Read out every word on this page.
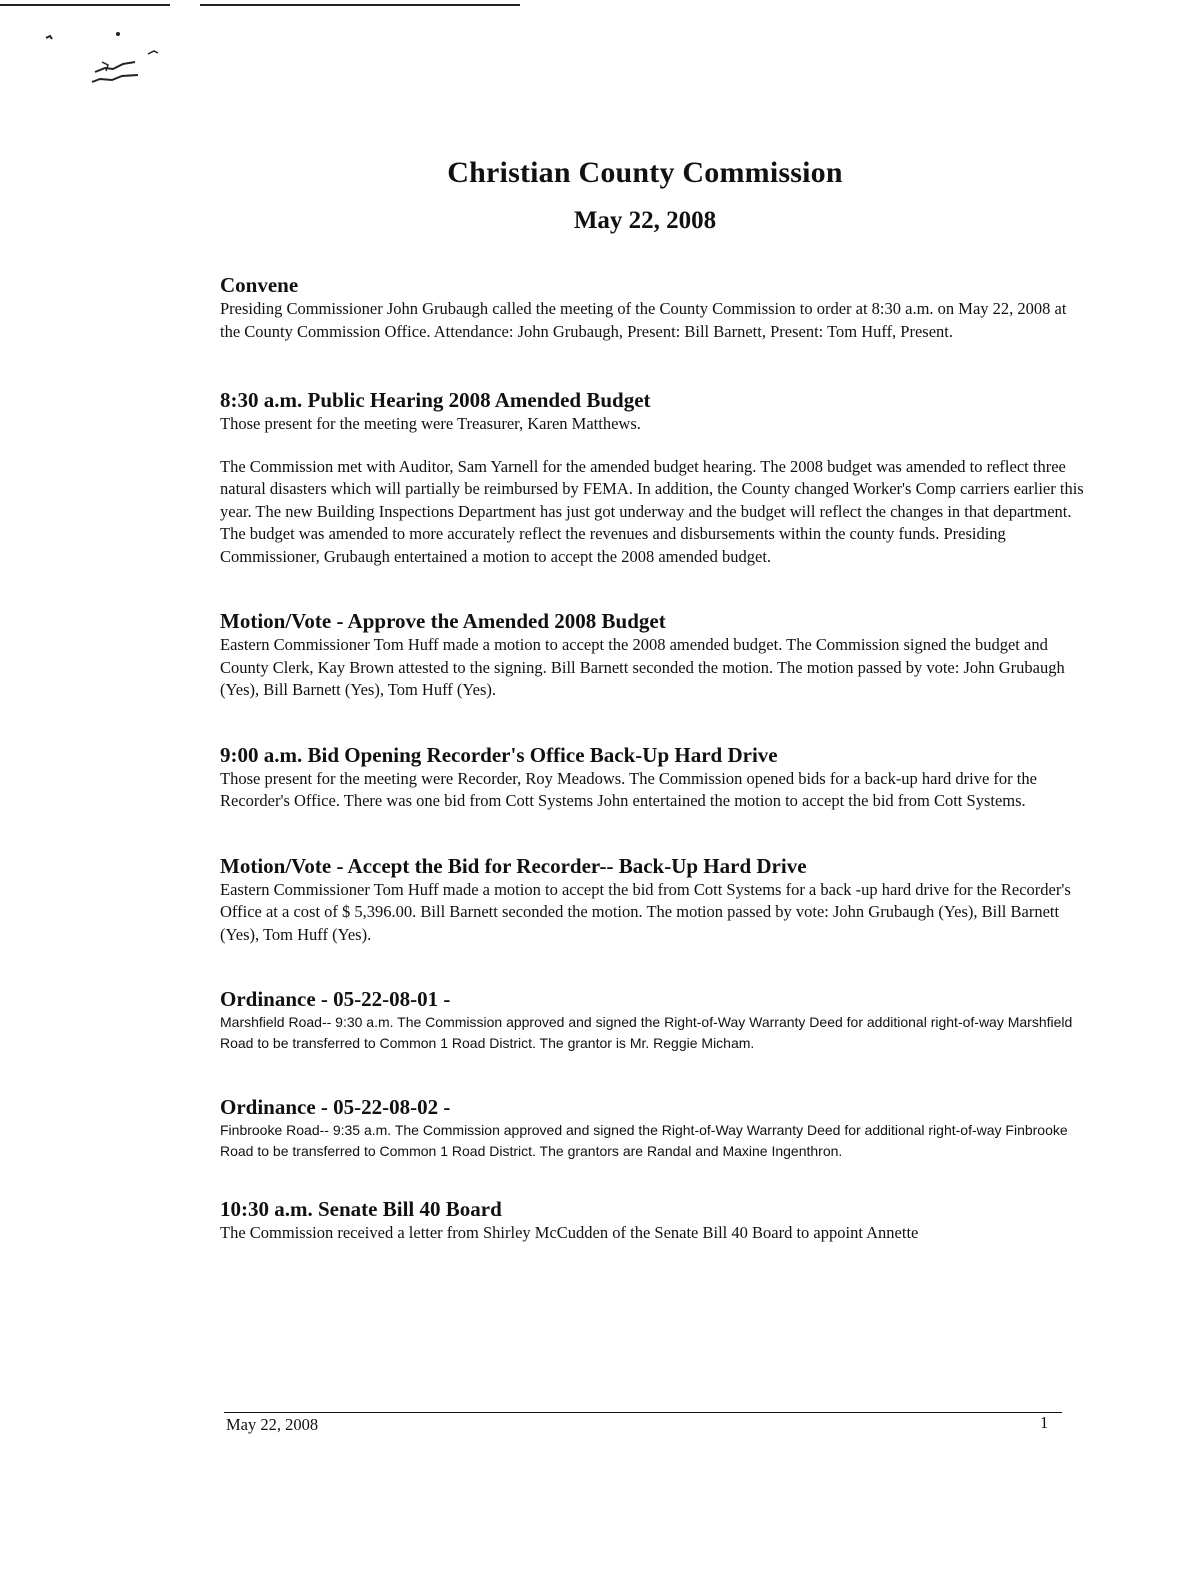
Christian County Commission
May 22, 2008
Convene
Presiding Commissioner John Grubaugh called the meeting of the County Commission to order at 8:30 a.m. on May 22, 2008 at the County Commission Office. Attendance: John Grubaugh, Present: Bill Barnett, Present: Tom Huff, Present.
8:30 a.m. Public Hearing 2008 Amended Budget
Those present for the meeting were Treasurer, Karen Matthews.
The Commission met with Auditor, Sam Yarnell for the amended budget hearing. The 2008 budget was amended to reflect three natural disasters which will partially be reimbursed by FEMA. In addition, the County changed Worker's Comp carriers earlier this year. The new Building Inspections Department has just got underway and the budget will reflect the changes in that department. The budget was amended to more accurately reflect the revenues and disbursements within the county funds. Presiding Commissioner, Grubaugh entertained a motion to accept the 2008 amended budget.
Motion/Vote - Approve the Amended 2008 Budget
Eastern Commissioner Tom Huff made a motion to accept the 2008 amended budget. The Commission signed the budget and County Clerk, Kay Brown attested to the signing. Bill Barnett seconded the motion. The motion passed by vote: John Grubaugh (Yes), Bill Barnett (Yes), Tom Huff (Yes).
9:00 a.m. Bid Opening Recorder's Office Back-Up Hard Drive
Those present for the meeting were Recorder, Roy Meadows. The Commission opened bids for a back-up hard drive for the Recorder's Office. There was one bid from Cott Systems John entertained the motion to accept the bid from Cott Systems.
Motion/Vote - Accept the Bid for Recorder-- Back-Up Hard Drive
Eastern Commissioner Tom Huff made a motion to accept the bid from Cott Systems for a back -up hard drive for the Recorder's Office at a cost of $ 5,396.00. Bill Barnett seconded the motion. The motion passed by vote: John Grubaugh (Yes), Bill Barnett (Yes), Tom Huff (Yes).
Ordinance - 05-22-08-01 -
Marshfield Road-- 9:30 a.m. The Commission approved and signed the Right-of-Way Warranty Deed for additional right-of-way Marshfield Road to be transferred to Common 1 Road District. The grantor is Mr. Reggie Micham.
Ordinance - 05-22-08-02 -
Finbrooke Road-- 9:35 a.m. The Commission approved and signed the Right-of-Way Warranty Deed for additional right-of-way Finbrooke Road to be transferred to Common 1 Road District. The grantors are Randal and Maxine Ingenthron.
10:30 a.m. Senate Bill 40 Board
The Commission received a letter from Shirley McCudden of the Senate Bill 40 Board to appoint Annette
May 22, 2008	1
